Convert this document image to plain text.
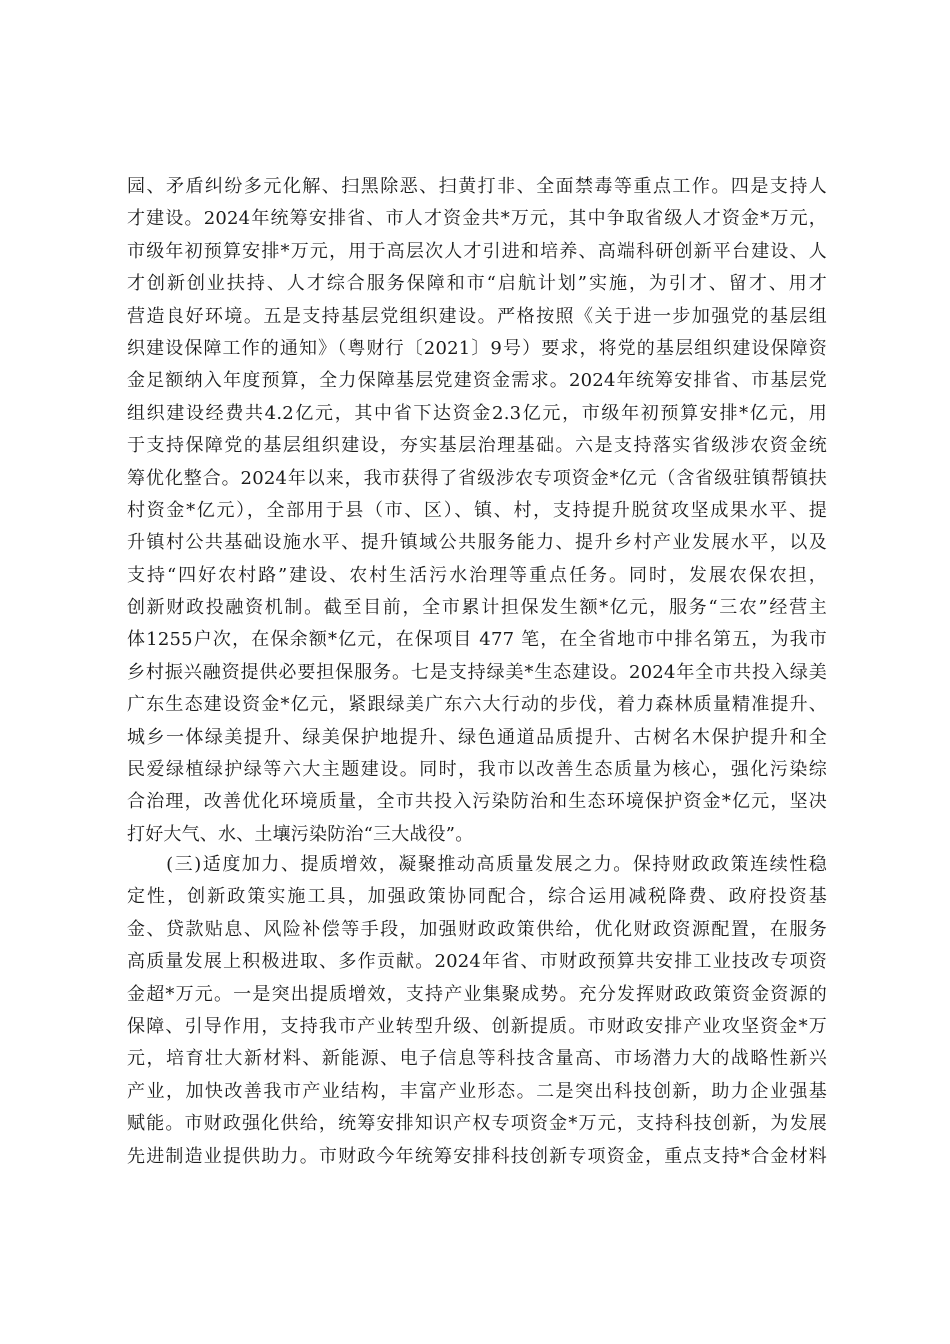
园、矛盾纠纷多元化解、扫黑除恶、扫黄打非、全面禁毒等重点工作。四是支持人
才建设。2024年统筹安排省、市人才资金共*万元，其中争取省级人才资金*万元，
市级年初预算安排*万元，用于高层次人才引进和培养、高端科研创新平台建设、人
才创新创业扶持、人才综合服务保障和市“启航计划”实施，为引才、留才、用才
营造良好环境。五是支持基层党组织建设。严格按照《关于进一步加强党的基层组
织建设保障工作的通知》（粤财行〔2021〕9号）要求，将党的基层组织建设保障资
金足额纳入年度预算，全力保障基层党建资金需求。2024年统筹安排省、市基层党
组织建设经费共4.2亿元，其中省下达资金2.3亿元，市级年初预算安排*亿元，用
于支持保障党的基层组织建设，夯实基层治理基础。六是支持落实省级涉农资金统
筹优化整合。2024年以来，我市获得了省级涉农专项资金*亿元（含省级驻镇帮镇扶
村资金*亿元），全部用于县（市、区）、镇、村，支持提升脱贫攻坚成果水平、提
升镇村公共基础设施水平、提升镇域公共服务能力、提升乡村产业发展水平，以及
支持“四好农村路”建设、农村生活污水治理等重点任务。同时，发展农保农担，
创新财政投融资机制。截至目前，全市累计担保发生额*亿元，服务“三农”经营主
体1255户次，在保余额*亿元，在保项目 477 笔，在全省地市中排名第五，为我市
乡村振兴融资提供必要担保服务。七是支持绿美*生态建设。2024年全市共投入绿美
广东生态建设资金*亿元，紧跟绿美广东六大行动的步伐，着力森林质量精准提升、
城乡一体绿美提升、绿美保护地提升、绿色通道品质提升、古树名木保护提升和全
民爱绿植绿护绿等六大主题建设。同时，我市以改善生态质量为核心，强化污染综
合治理，改善优化环境质量，全市共投入污染防治和生态环境保护资金*亿元，坚决
打好大气、水、土壤污染防治“三大战役”。
　　(三)适度加力、提质增效，凝聚推动高质量发展之力。保持财政政策连续性稳
定性，创新政策实施工具，加强政策协同配合，综合运用减税降费、政府投资基
金、贷款贴息、风险补偿等手段，加强财政政策供给，优化财政资源配置，在服务
高质量发展上积极进取、多作贡献。2024年省、市财政预算共安排工业技改专项资
金超*万元。一是突出提质增效，支持产业集聚成势。充分发挥财政政策资金资源的
保障、引导作用，支持我市产业转型升级、创新提质。市财政安排产业攻坚资金*万
元，培育壮大新材料、新能源、电子信息等科技含量高、市场潜力大的战略性新兴
产业，加快改善我市产业结构，丰富产业形态。二是突出科技创新，助力企业强基
赋能。市财政强化供给，统筹安排知识产权专项资金*万元，支持科技创新，为发展
先进制造业提供助力。市财政今年统筹安排科技创新专项资金，重点支持*合金材料
